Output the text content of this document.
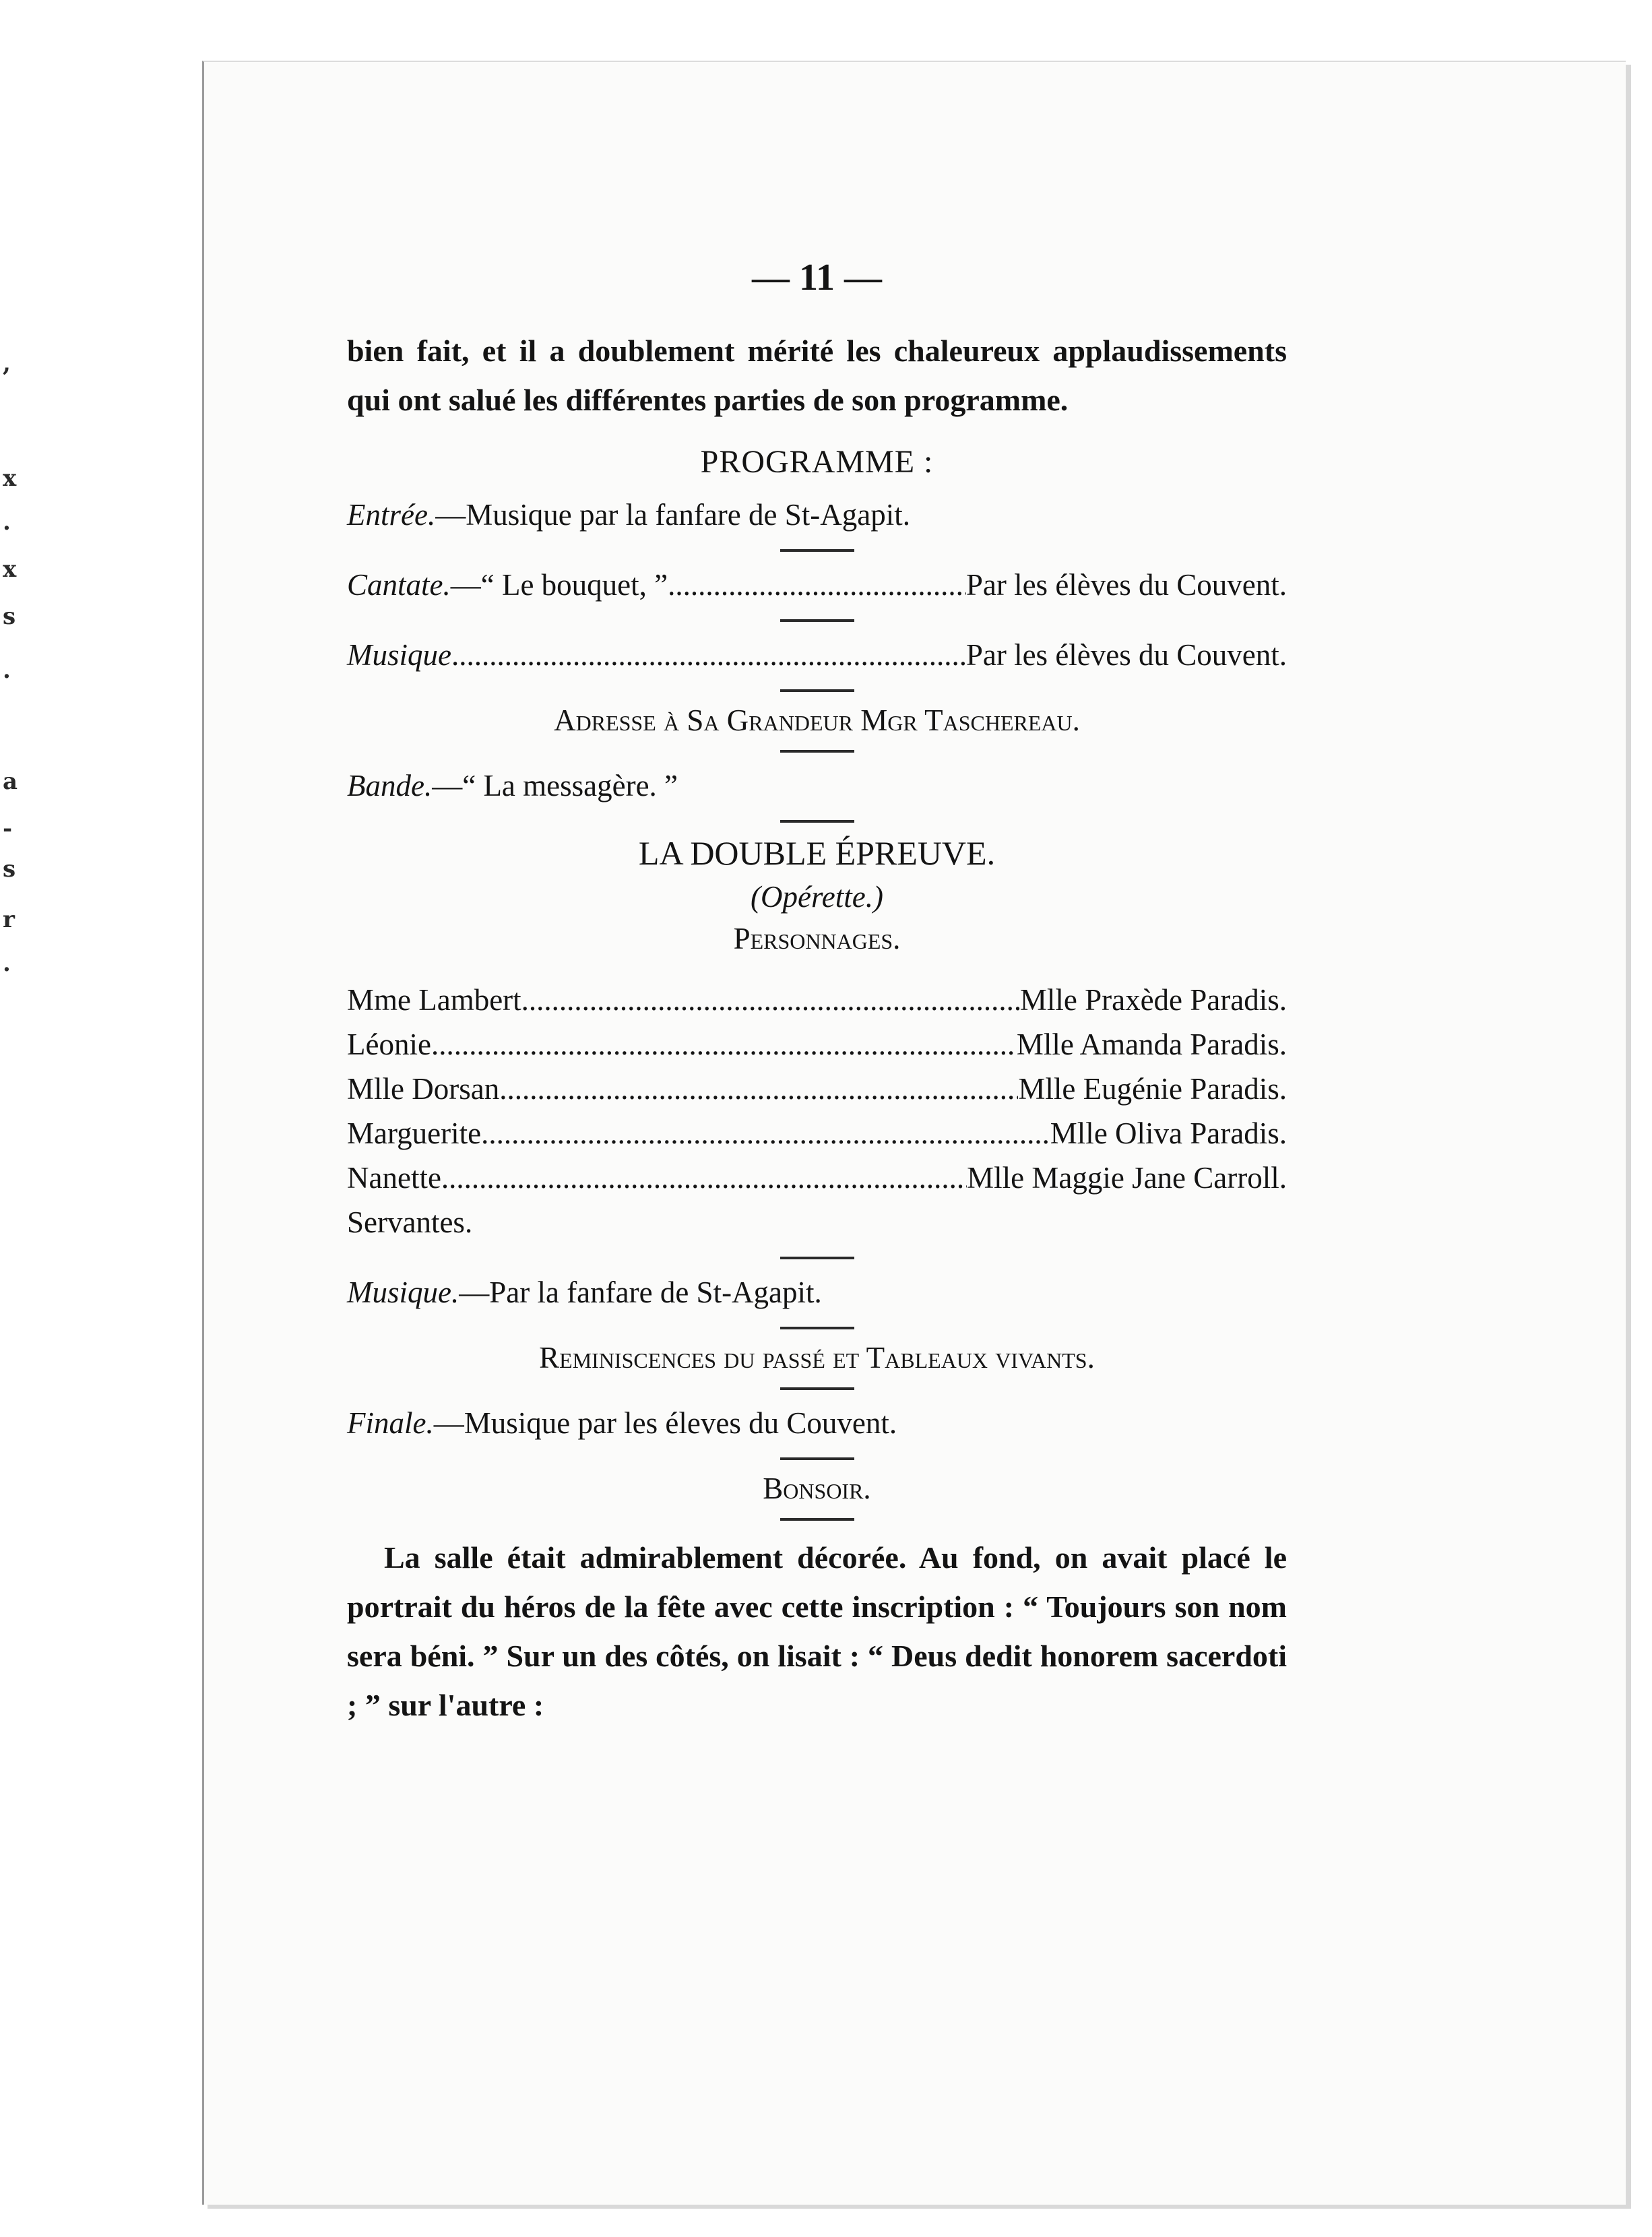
,
x
.
x
s
.
a
-
s
r
.
— 11 —

bien fait, et il a doublement mérité les chaleureux applaudissements qui ont salué les différentes parties de son programme.

PROGRAMME :
Entrée. — Musique par la fanfare de St-Agapit.
Cantate. — “ Le bouquet, ” .....	Par les élèves du Couvent.
Musique .....	Par les élèves du Couvent.
Adresse à Sa Grandeur Mgr Taschereau.
Bande. — “ La messagère. ”
LA DOUBLE ÉPREUVE.
(Opérette.)
Personnages.
Mme Lambert .....	Mlle Praxède Paradis.
Léonie .....	Mlle Amanda Paradis.
Mlle Dorsan .....	Mlle Eugénie Paradis.
Marguerite .....	Mlle Oliva Paradis.
Nanette .....	Mlle Maggie Jane Carroll.
Servantes.
Musique. — Par la fanfare de St-Agapit.
Reminiscences du passé et Tableaux vivants.
Finale. — Musique par les éleves du Couvent.
Bonsoir.

La salle était admirablement décorée. Au fond, on avait placé le portrait du héros de la fête avec cette inscription : “ Toujours son nom sera béni. ” Sur un des côtés, on lisait : “ Deus dedit honorem sacerdoti ; ” sur l'autre :
